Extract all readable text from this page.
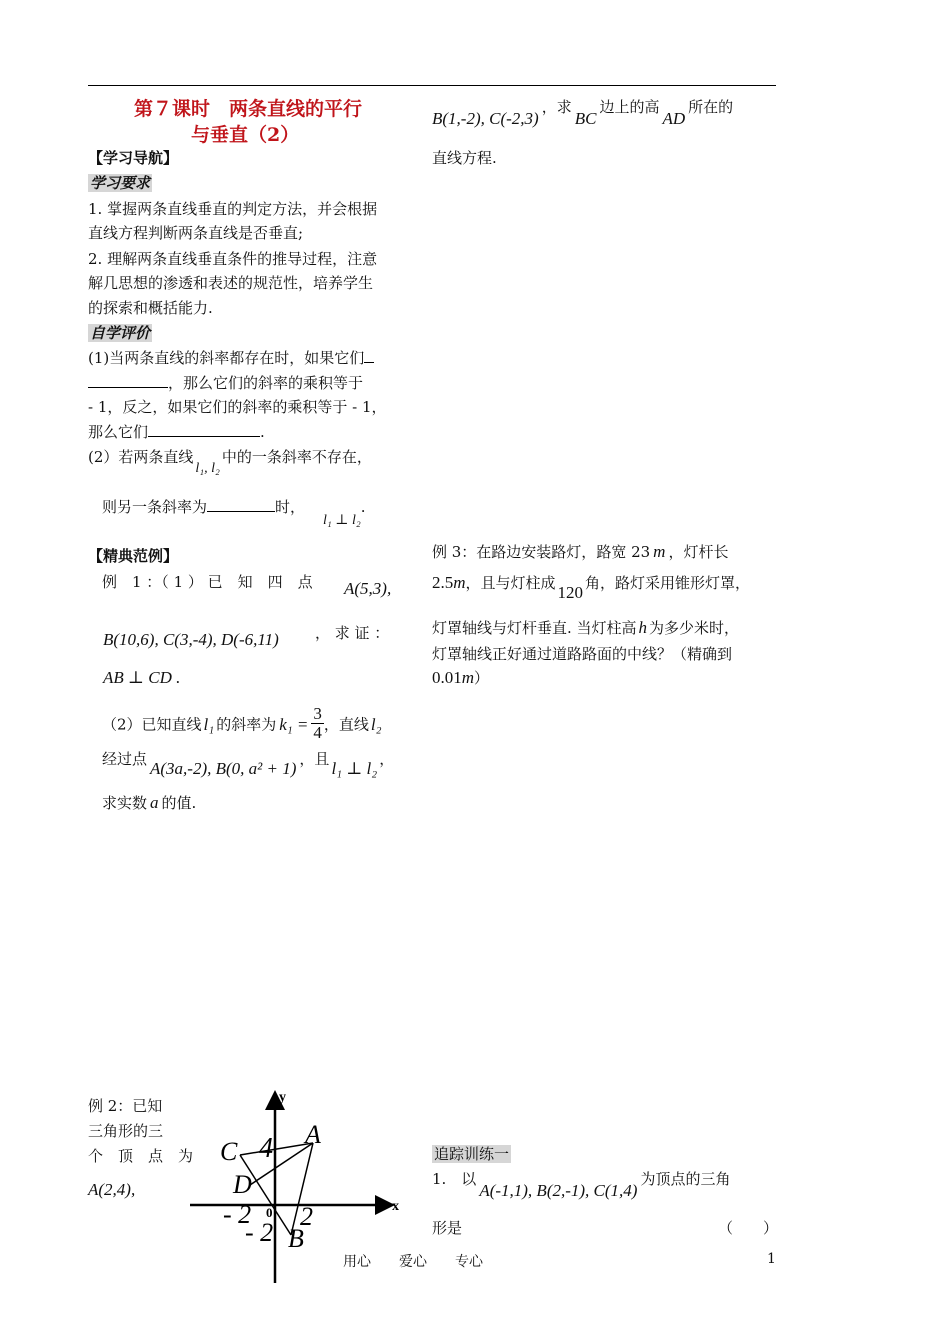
第７课时　两条直线的平行
与垂直（2）
【学习导航】
学习要求
1. 掌握两条直线垂直的判定方法，并会根据
直线方程判断两条直线是否垂直;
2. 理解两条直线垂直条件的推导过程，注意
解几思想的渗透和表述的规范性，培养学生
的探索和概括能力.
自学评价
(1)当两条直线的斜率都存在时，如果它们
，那么它们的斜率的乘积等于
- 1，反之，如果它们的斜率的乘积等于 - 1，
那么它们	.
(2）若两条直线l₁, l₂中的一条斜率不存在，
则另一条斜率为	时，l₁ ⊥ l₂.
【精典范例】
例　1 ：（ 1 ） 已　知　四　点 A(5,3),
B(10,6), C(3,-4), D(-6,11) ， 求 证 ：
AB ⊥ CD .
（2）已知直线 l₁ 的斜率为 $k_1 = \frac{3}{4}$ ，直线 l₂
经过点 A(3a,-2), B(0, a² + 1) ，且 l₁ ⊥ l₂ ，
求实数 a 的值.
例 2：已知
三角形的三
个　顶　点　为
A(2,4),
y
x
0
A
B
C
D
4
- 2 2
- 2
B(1,-2), C(-2,3)，求BC边上的高AD所在的
直线方程.
例 3：在路边安装路灯，路宽 23 m ，灯杆长
2.5m，且与灯柱成 120 角，路灯采用锥形灯罩，
灯罩轴线与灯杆垂直. 当灯柱高 h 为多少米时，
灯罩轴线正好通过道路路面的中线？（精确到
0.01m）
追踪训练一
1.　以A(-1,1), B(2,-1), C(1,4)为顶点的三角
形是	（　　）
用心　　爱心　　专心	1
